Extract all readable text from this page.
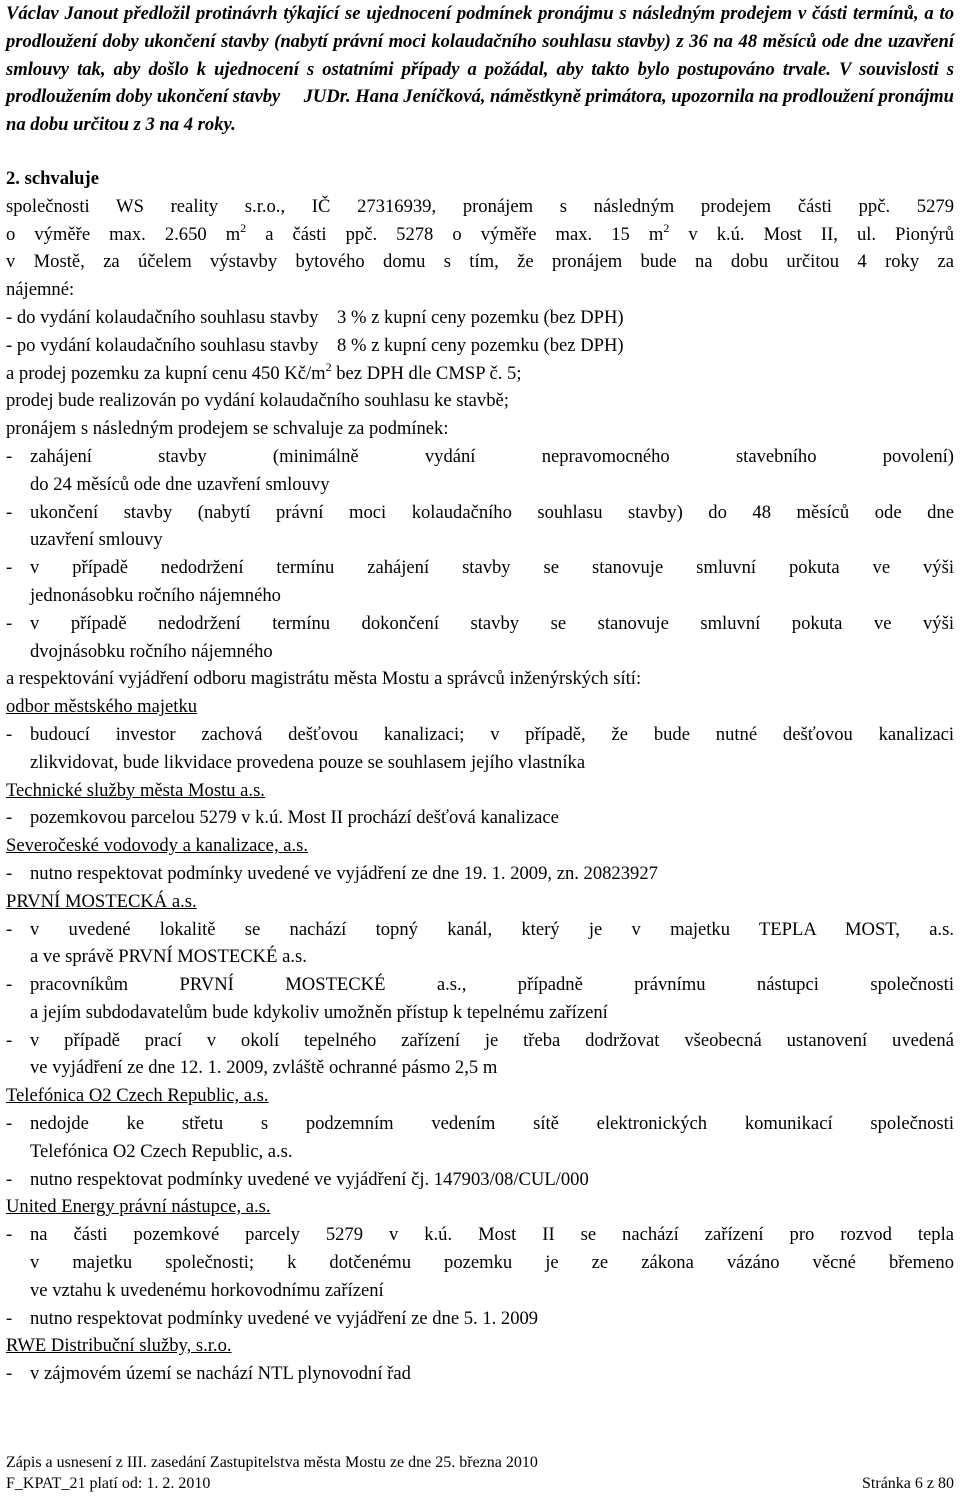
Václav Janout předložil protinávrh týkající se ujednocení podmínek pronájmu s následným prodejem v části termínů, a to prodloužení doby ukončení stavby (nabytí právní moci kolaudačního souhlasu stavby) z 36 na 48 měsíců ode dne uzavření smlouvy tak, aby došlo k ujednocení s ostatními případy a požádal, aby takto bylo postupováno trvale. V souvislosti s prodloužením doby ukončení stavby JUDr. Hana Jeníčková, náměstkyně primátora, upozornila na prodloužení pronájmu na dobu určitou z 3 na 4 roky.

2. schvaluje

společnosti WS reality s.r.o., IČ 27316939, pronájem s následným prodejem části ppč. 5279

o výměře max. 2.650 $m^2$ a části ppč. 5278 o výměře max. 15 $m^2$ v k.ú. Most II, ul. Pionýrů

v Mostě, za účelem výstavby bytového domu s tím, že pronájem bude na dobu určitou 4 roky za

nájemné:

- do vydání kolaudačního souhlasu stavby    3 % z kupní ceny pozemku (bez DPH)

- po vydání kolaudačního souhlasu stavby    8 % z kupní ceny pozemku (bez DPH)

a prodej pozemku za kupní cenu 450 $Kč/m^2$ bez DPH dle CMSP č. 5;

prodej bude realizován po vydání kolaudačního souhlasu ke stavbě;

pronájem s následným prodejem se schvaluje za podmínek:

- zahájení stavby (minimálně vydání nepravomocného stavebního povolení)
do 24 měsíců ode dne uzavření smlouvy
- ukončení stavby (nabytí právní moci kolaudačního souhlasu stavby) do 48 měsíců ode dne
uzavření smlouvy
- v případě nedodržení termínu zahájení stavby se stanovuje smluvní pokuta ve výši
jednonásobku ročního nájemného
- v případě nedodržení termínu dokončení stavby se stanovuje smluvní pokuta ve výši
dvojnásobku ročního nájemného

a respektování vyjádření odboru magistrátu města Mostu a správců inženýrských sítí:

odbor městského majetku

- budoucí investor zachová dešťovou kanalizaci; v případě, že bude nutné dešťovou kanalizaci
zlikvidovat, bude likvidace provedena pouze se souhlasem jejího vlastníka

Technické služby města Mostu a.s.

- pozemkovou parcelou 5279 v k.ú. Most II prochází dešťová kanalizace

Severočeské vodovody a kanalizace, a.s.

- nutno respektovat podmínky uvedené ve vyjádření ze dne 19. 1. 2009, zn. 20823927

PRVNÍ MOSTECKÁ a.s.

- v uvedené lokalitě se nachází topný kanál, který je v majetku TEPLA MOST, a.s.
a ve správě PRVNÍ MOSTECKÉ a.s.
- pracovníkům PRVNÍ MOSTECKÉ a.s., případně právnímu nástupci společnosti
a jejím subdodavatelům bude kdykoliv umožněn přístup k tepelnému zařízení
- v případě prací v okolí tepelného zařízení je třeba dodržovat všeobecná ustanovení uvedená
ve vyjádření ze dne 12. 1. 2009, zvláště ochranné pásmo 2,5 m

Telefónica O2 Czech Republic, a.s.

- nedojde ke střetu s podzemním vedením sítě elektronických komunikací společnosti
Telefónica O2 Czech Republic, a.s.
- nutno respektovat podmínky uvedené ve vyjádření čj. 147903/08/CUL/000

United Energy právní nástupce, a.s.

- na části pozemkové parcely 5279 v k.ú. Most II se nachází zařízení pro rozvod tepla
v majetku společnosti; k dotčenému pozemku je ze zákona vázáno věcné břemeno
ve vztahu k uvedenému horkovodnímu zařízení
- nutno respektovat podmínky uvedené ve vyjádření ze dne 5. 1. 2009

RWE Distribuční služby, s.r.o.

- v zájmovém území se nachází NTL plynovodní řad
Zápis a usnesení z III. zasedání Zastupitelstva města Mostu ze dne 25. března 2010
F_KPAT_21 platí od: 1. 2. 2010	Stránka 6 z 80
